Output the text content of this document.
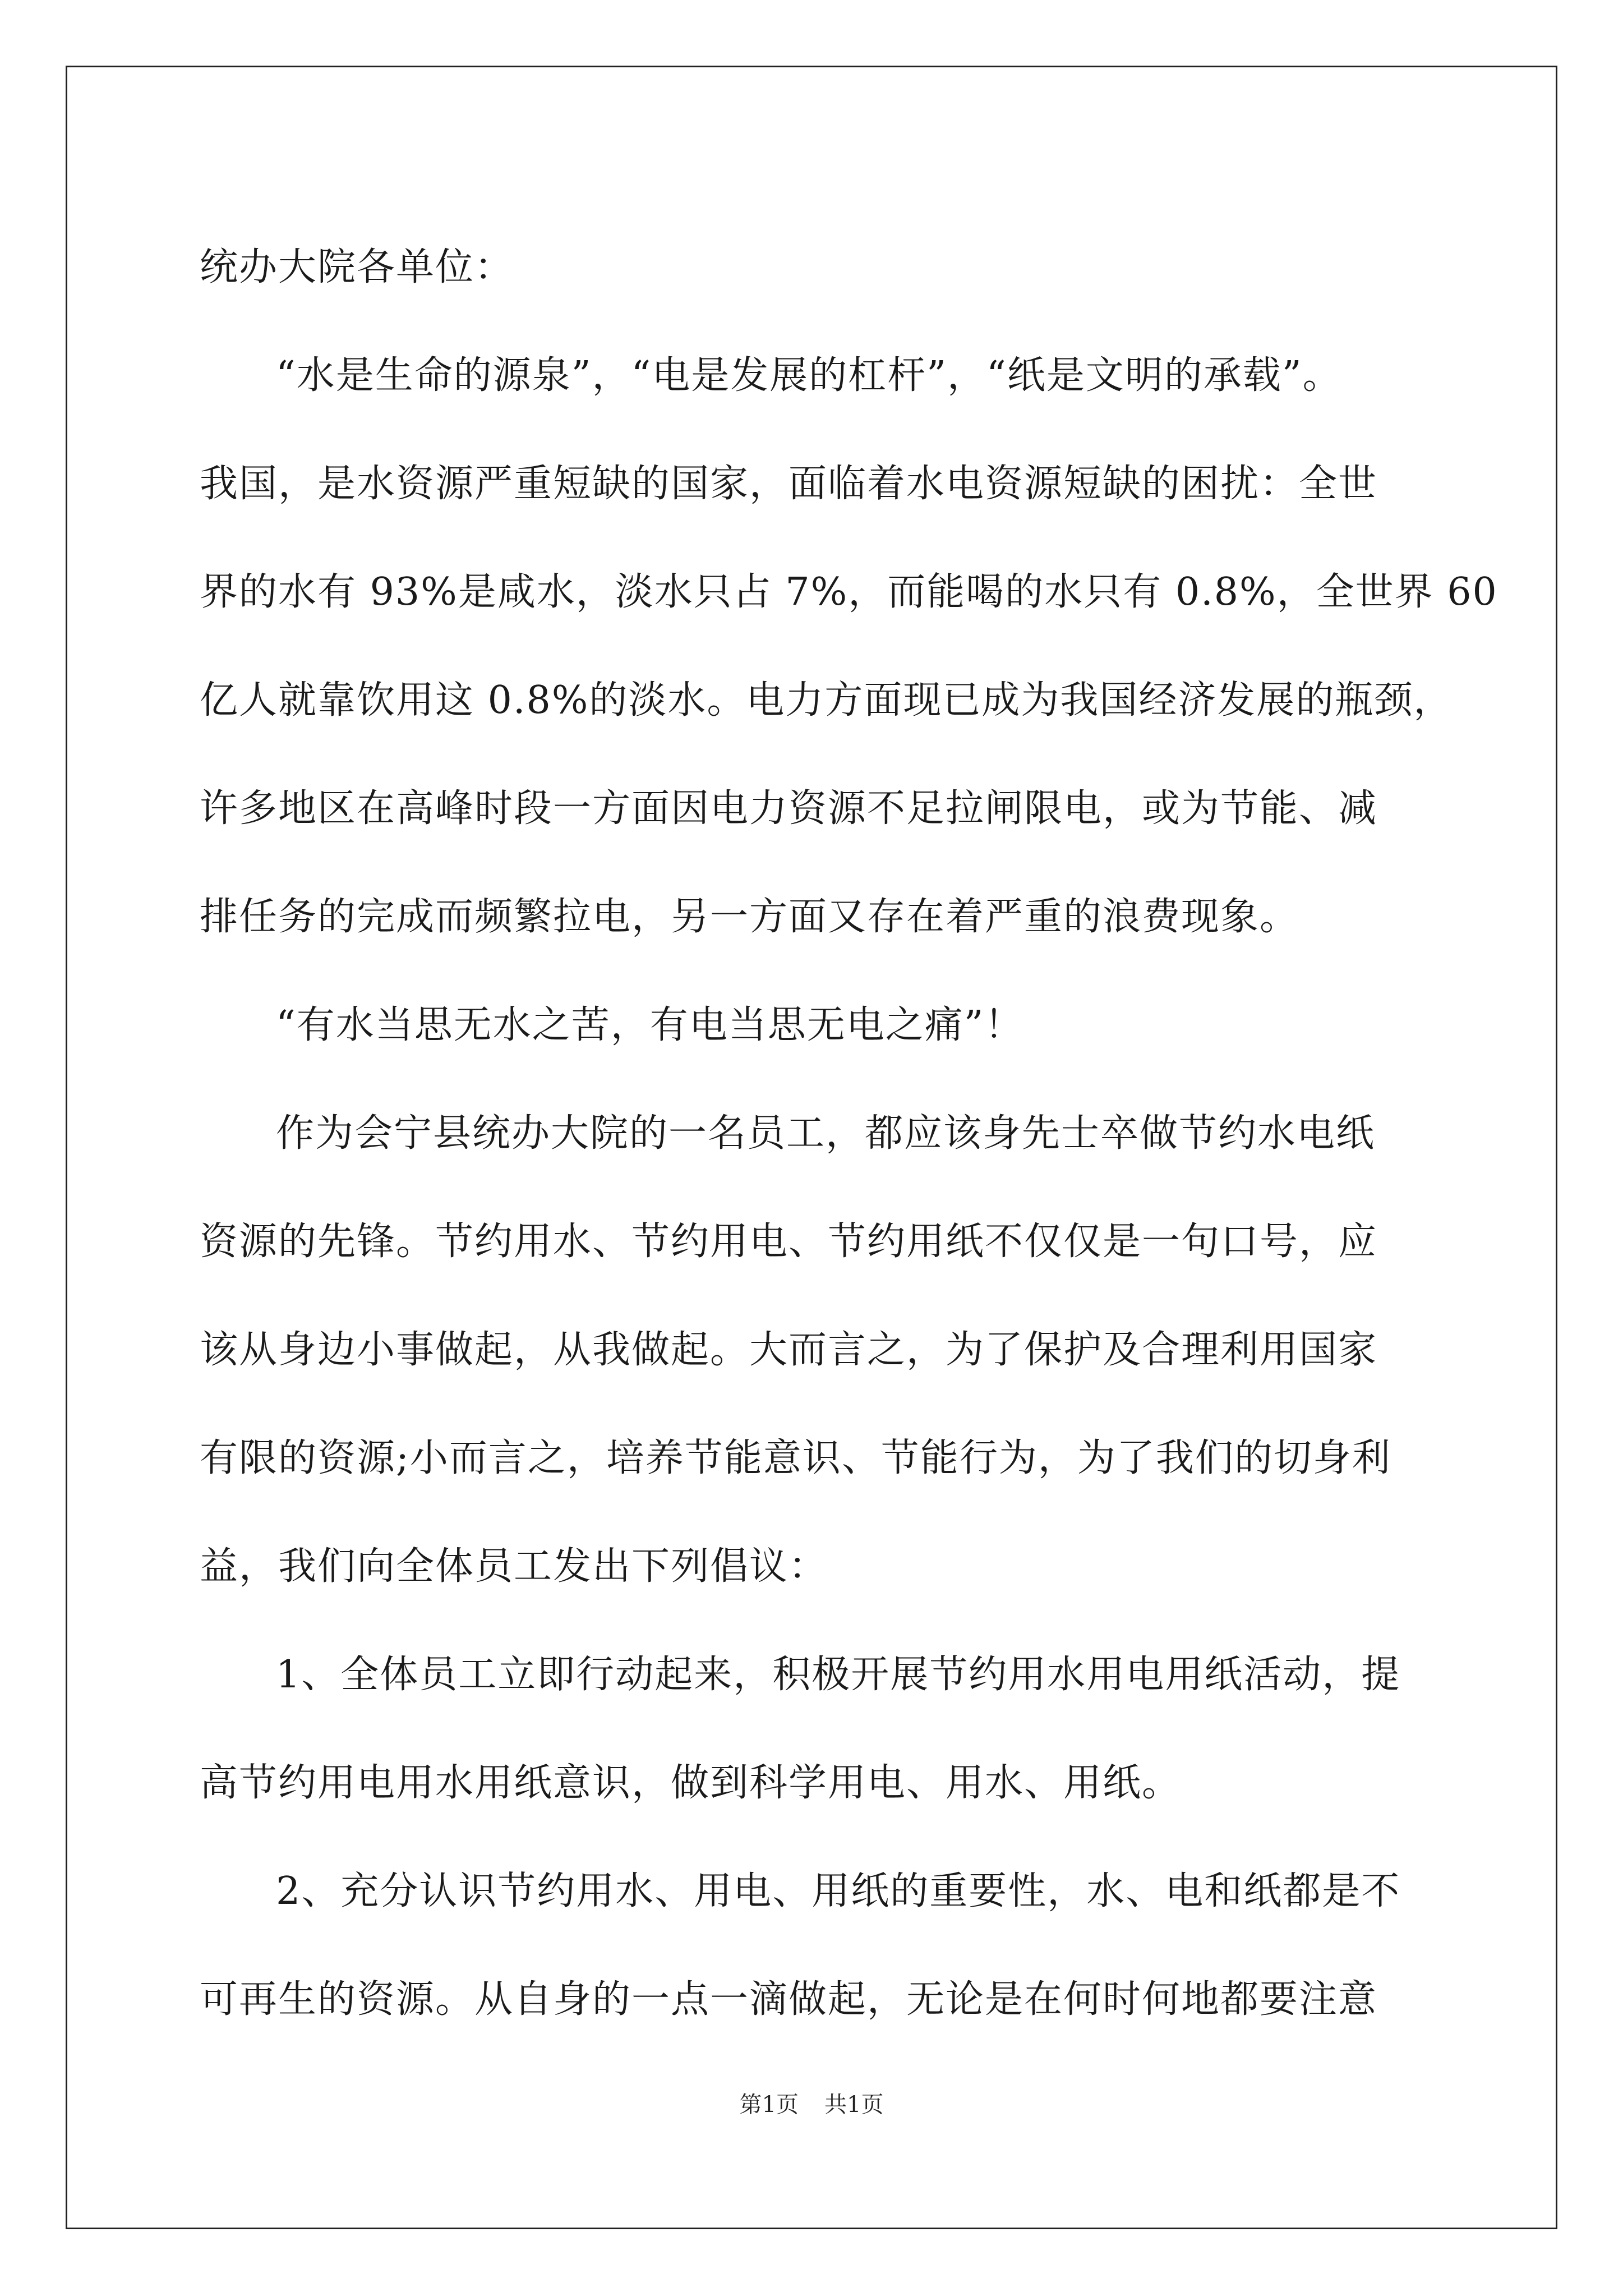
统办大院各单位：
“水是生命的源泉”，“电是发展的杠杆”，“纸是文明的承载”。
我国，是水资源严重短缺的国家，面临着水电资源短缺的困扰：全世
界的水有 93%是咸水，淡水只占 7%，而能喝的水只有 0.8%，全世界 60
亿人就靠饮用这 0.8%的淡水。电力方面现已成为我国经济发展的瓶颈，
许多地区在高峰时段一方面因电力资源不足拉闸限电，或为节能、减
排任务的完成而频繁拉电，另一方面又存在着严重的浪费现象。
“有水当思无水之苦，有电当思无电之痛”！
作为会宁县统办大院的一名员工，都应该身先士卒做节约水电纸
资源的先锋。节约用水、节约用电、节约用纸不仅仅是一句口号，应
该从身边小事做起，从我做起。大而言之，为了保护及合理利用国家
有限的资源;小而言之，培养节能意识、节能行为，为了我们的切身利
益，我们向全体员工发出下列倡议：
1、全体员工立即行动起来，积极开展节约用水用电用纸活动，提
高节约用电用水用纸意识，做到科学用电、用水、用纸。
2、充分认识节约用水、用电、用纸的重要性，水、电和纸都是不
可再生的资源。从自身的一点一滴做起，无论是在何时何地都要注意
第1页 共1页
